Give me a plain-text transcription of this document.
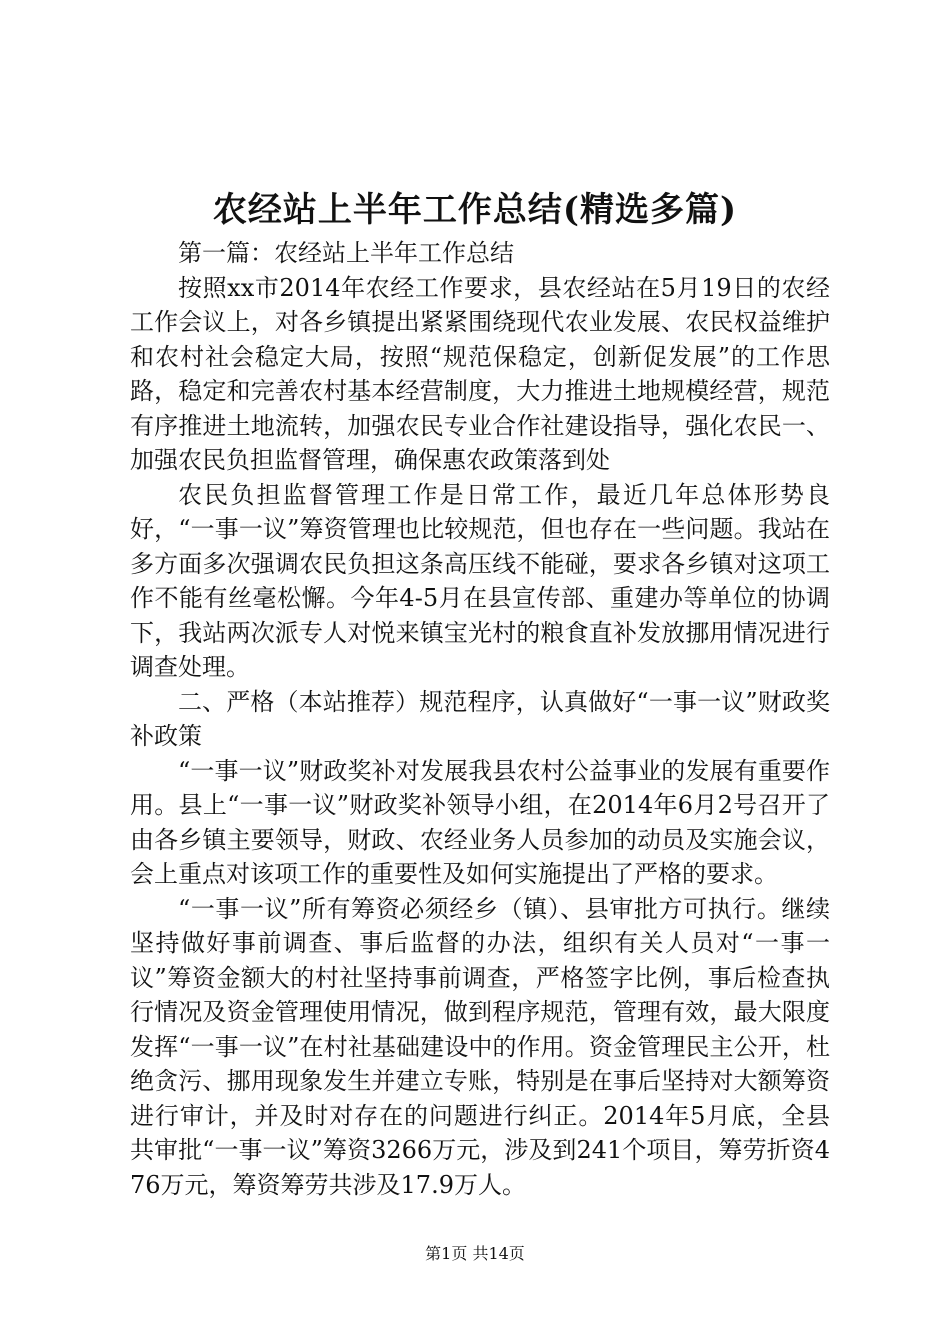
农经站上半年工作总结(精选多篇)

第一篇：农经站上半年工作总结

按照xx市2014年农经工作要求，县农经站在5月19日的农经工作会议上，对各乡镇提出紧紧围绕现代农业发展、农民权益维护和农村社会稳定大局，按照“规范保稳定，创新促发展”的工作思路，稳定和完善农村基本经营制度，大力推进土地规模经营，规范有序推进土地流转，加强农民专业合作社建设指导，强化农民一、加强农民负担监督管理，确保惠农政策落到处

农民负担监督管理工作是日常工作，最近几年总体形势良好，“一事一议”筹资管理也比较规范，但也存在一些问题。我站在多方面多次强调农民负担这条高压线不能碰，要求各乡镇对这项工作不能有丝毫松懈。今年4-5月在县宣传部、重建办等单位的协调下，我站两次派专人对悦来镇宝光村的粮食直补发放挪用情况进行调查处理。

二、严格（本站推荐）规范程序，认真做好“一事一议”财政奖补政策

“一事一议”财政奖补对发展我县农村公益事业的发展有重要作用。县上“一事一议”财政奖补领导小组，在2014年6月2号召开了由各乡镇主要领导，财政、农经业务人员参加的动员及实施会议，会上重点对该项工作的重要性及如何实施提出了严格的要求。

“一事一议”所有筹资必须经乡（镇）、县审批方可执行。继续坚持做好事前调查、事后监督的办法，组织有关人员对“一事一议”筹资金额大的村社坚持事前调查，严格签字比例，事后检查执行情况及资金管理使用情况，做到程序规范，管理有效，最大限度发挥“一事一议”在村社基础建设中的作用。资金管理民主公开，杜绝贪污、挪用现象发生并建立专账，特别是在事后坚持对大额筹资进行审计，并及时对存在的问题进行纠正。2014年5月底，全县共审批“一事一议”筹资3266万元，涉及到241个项目，筹劳折资476万元，筹资筹劳共涉及17.9万人。

第1页 共14页
